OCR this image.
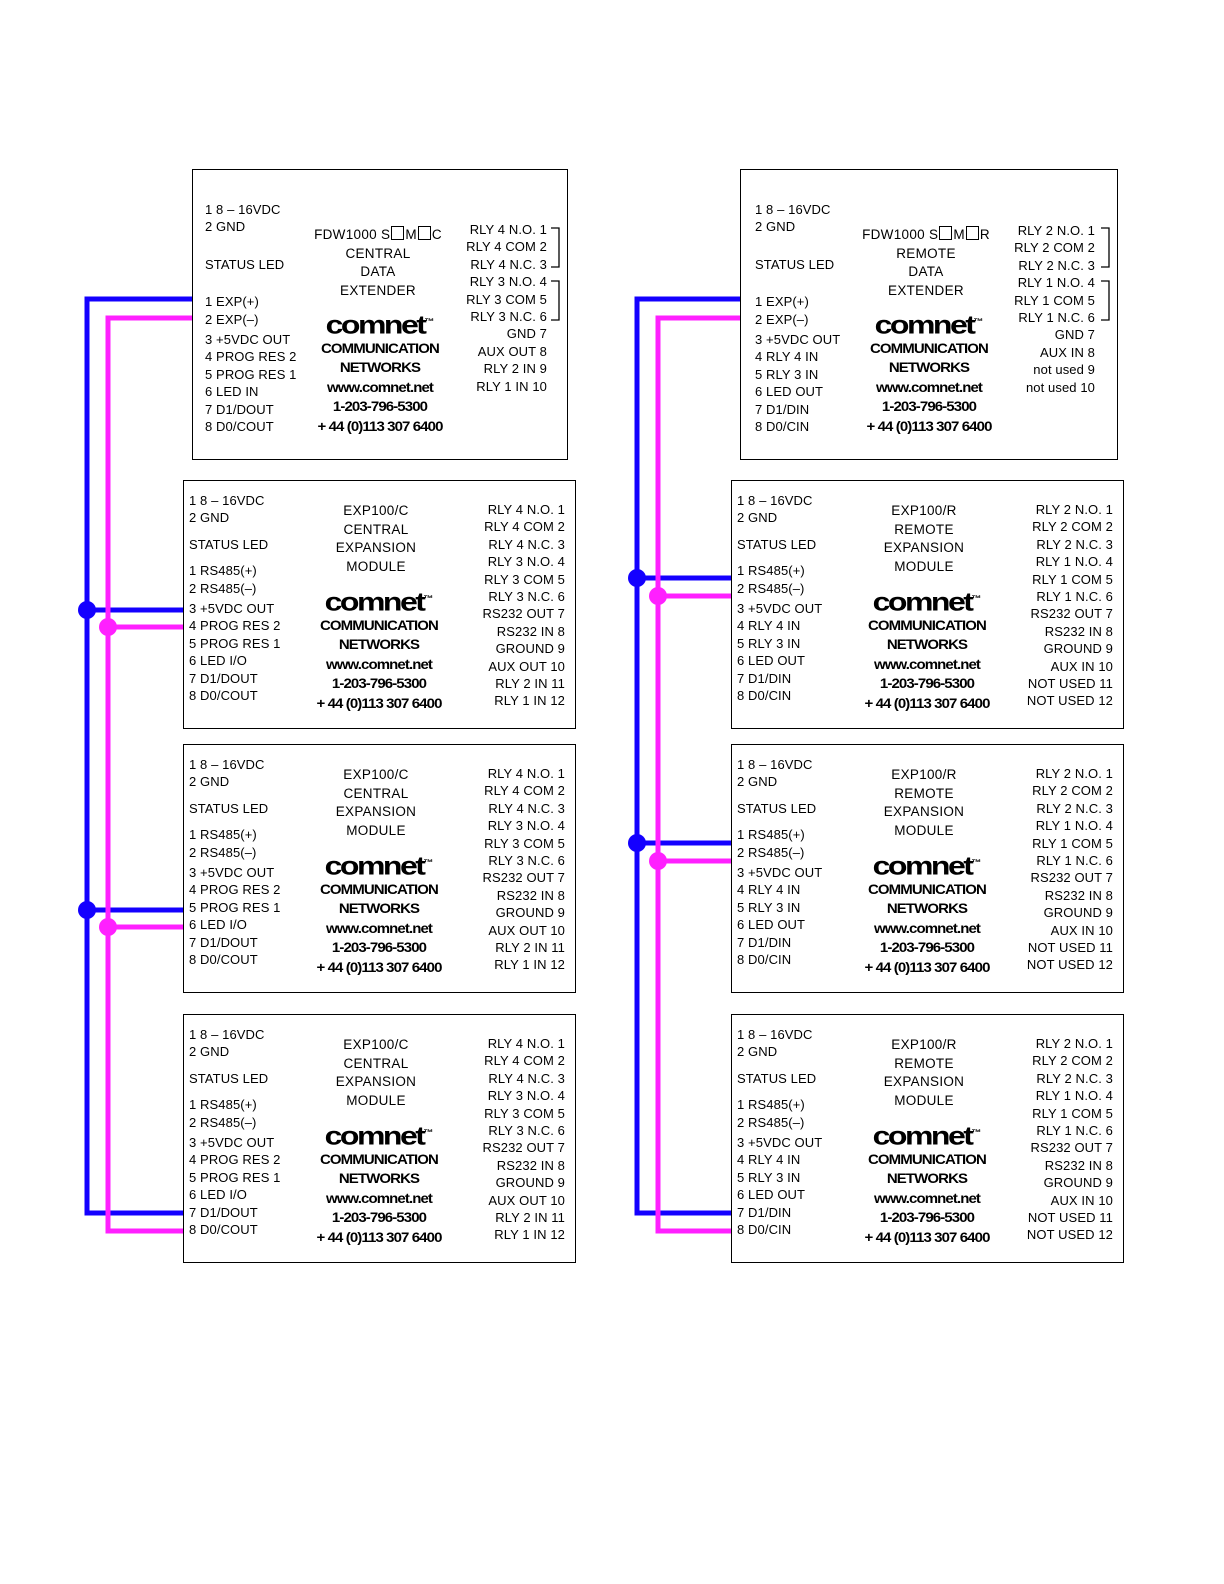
1 8 – 16VDC
2 GND
STATUS LED
1 EXP(+)
2 EXP(–)
3 +5VDC OUT
4 PROG RES 2
5 PROG RES 1
6 LED IN
7 D1/DOUT
8 D0/COUT
FDW1000 S M C
CENTRAL
DATA
EXTENDER
comnet™
COMMUNICATION
NETWORKS
www.comnet.net
1-203-796-5300
+ 44 (0)113 307 6400
RLY 4 N.O. 1
RLY 4 COM 2
RLY 4 N.C. 3
RLY 3 N.O. 4
RLY 3 COM 5
RLY 3 N.C. 6
GND 7
AUX OUT 8
RLY 2 IN 9
RLY 1 IN 10
1 8 – 16VDC
2 GND
STATUS LED
1 EXP(+)
2 EXP(–)
3 +5VDC OUT
4 RLY 4 IN
5 RLY 3 IN
6 LED OUT
7 D1/DIN
8 D0/CIN
FDW1000 S M R
REMOTE
DATA
EXTENDER
comnet™
COMMUNICATION
NETWORKS
www.comnet.net
1-203-796-5300
+ 44 (0)113 307 6400
RLY 2 N.O. 1
RLY 2 COM 2
RLY 2 N.C. 3
RLY 1 N.O. 4
RLY 1 COM 5
RLY 1 N.C. 6
GND 7
AUX IN 8
not used 9
not used 10
1 8 – 16VDC
2 GND
STATUS LED
1 RS485(+)
2 RS485(–)
3 +5VDC OUT
4 PROG RES 2
5 PROG RES 1
6 LED I/O
7 D1/DOUT
8 D0/COUT
EXP100/C
CENTRAL
EXPANSION
MODULE
comnet™
COMMUNICATION
NETWORKS
www.comnet.net
1-203-796-5300
+ 44 (0)113 307 6400
RLY 4 N.O. 1
RLY 4 COM 2
RLY 4 N.C. 3
RLY 3 N.O. 4
RLY 3 COM 5
RLY 3 N.C. 6
RS232 OUT 7
RS232 IN 8
GROUND 9
AUX OUT 10
RLY 2 IN 11
RLY 1 IN 12
1 8 – 16VDC
2 GND
STATUS LED
1 RS485(+)
2 RS485(–)
3 +5VDC OUT
4 PROG RES 2
5 PROG RES 1
6 LED I/O
7 D1/DOUT
8 D0/COUT
EXP100/C
CENTRAL
EXPANSION
MODULE
comnet™
COMMUNICATION
NETWORKS
www.comnet.net
1-203-796-5300
+ 44 (0)113 307 6400
RLY 4 N.O. 1
RLY 4 COM 2
RLY 4 N.C. 3
RLY 3 N.O. 4
RLY 3 COM 5
RLY 3 N.C. 6
RS232 OUT 7
RS232 IN 8
GROUND 9
AUX OUT 10
RLY 2 IN 11
RLY 1 IN 12
1 8 – 16VDC
2 GND
STATUS LED
1 RS485(+)
2 RS485(–)
3 +5VDC OUT
4 PROG RES 2
5 PROG RES 1
6 LED I/O
7 D1/DOUT
8 D0/COUT
EXP100/C
CENTRAL
EXPANSION
MODULE
comnet™
COMMUNICATION
NETWORKS
www.comnet.net
1-203-796-5300
+ 44 (0)113 307 6400
RLY 4 N.O. 1
RLY 4 COM 2
RLY 4 N.C. 3
RLY 3 N.O. 4
RLY 3 COM 5
RLY 3 N.C. 6
RS232 OUT 7
RS232 IN 8
GROUND 9
AUX OUT 10
RLY 2 IN 11
RLY 1 IN 12
1 8 – 16VDC
2 GND
STATUS LED
1 RS485(+)
2 RS485(–)
3 +5VDC OUT
4 RLY 4 IN
5 RLY 3 IN
6 LED OUT
7 D1/DIN
8 D0/CIN
EXP100/R
REMOTE
EXPANSION
MODULE
comnet™
COMMUNICATION
NETWORKS
www.comnet.net
1-203-796-5300
+ 44 (0)113 307 6400
RLY 2 N.O. 1
RLY 2 COM 2
RLY 2 N.C. 3
RLY 1 N.O. 4
RLY 1 COM 5
RLY 1 N.C. 6
RS232 OUT 7
RS232 IN 8
GROUND 9
AUX IN 10
NOT USED 11
NOT USED 12
1 8 – 16VDC
2 GND
STATUS LED
1 RS485(+)
2 RS485(–)
3 +5VDC OUT
4 RLY 4 IN
5 RLY 3 IN
6 LED OUT
7 D1/DIN
8 D0/CIN
EXP100/R
REMOTE
EXPANSION
MODULE
comnet™
COMMUNICATION
NETWORKS
www.comnet.net
1-203-796-5300
+ 44 (0)113 307 6400
RLY 2 N.O. 1
RLY 2 COM 2
RLY 2 N.C. 3
RLY 1 N.O. 4
RLY 1 COM 5
RLY 1 N.C. 6
RS232 OUT 7
RS232 IN 8
GROUND 9
AUX IN 10
NOT USED 11
NOT USED 12
1 8 – 16VDC
2 GND
STATUS LED
1 RS485(+)
2 RS485(–)
3 +5VDC OUT
4 RLY 4 IN
5 RLY 3 IN
6 LED OUT
7 D1/DIN
8 D0/CIN
EXP100/R
REMOTE
EXPANSION
MODULE
comnet™
COMMUNICATION
NETWORKS
www.comnet.net
1-203-796-5300
+ 44 (0)113 307 6400
RLY 2 N.O. 1
RLY 2 COM 2
RLY 2 N.C. 3
RLY 1 N.O. 4
RLY 1 COM 5
RLY 1 N.C. 6
RS232 OUT 7
RS232 IN 8
GROUND 9
AUX IN 10
NOT USED 11
NOT USED 12
